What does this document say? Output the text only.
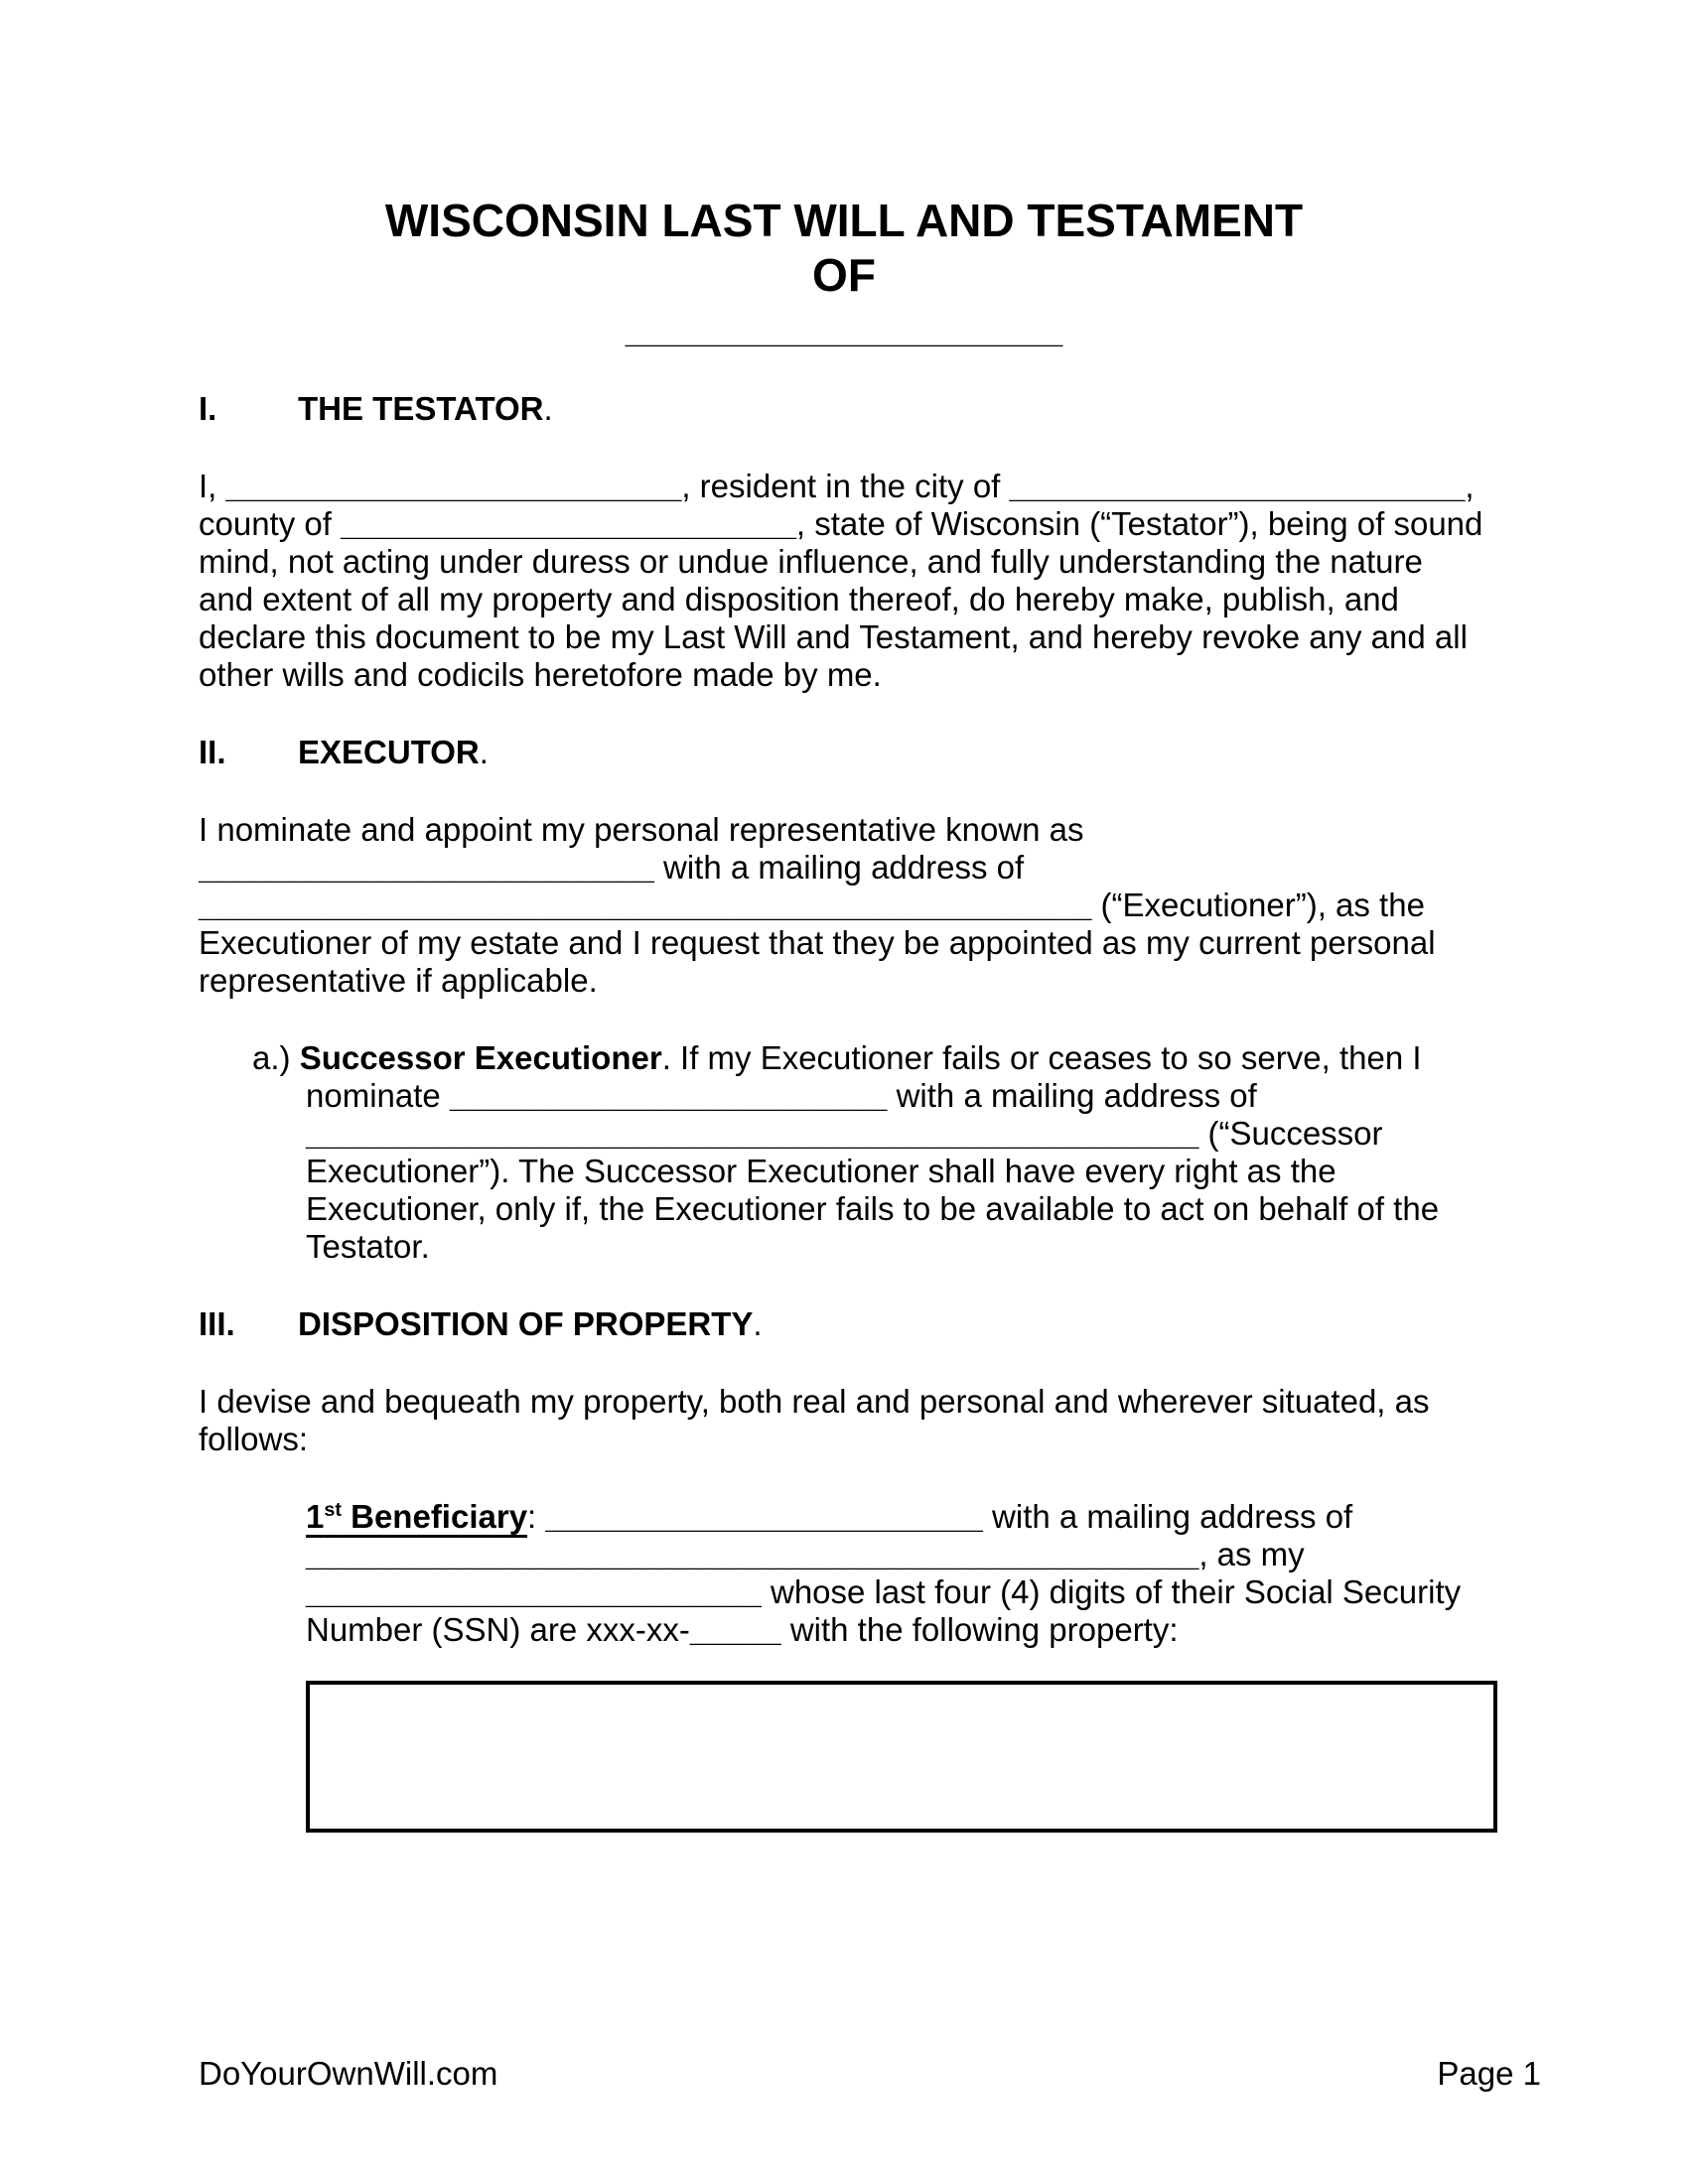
WISCONSIN LAST WILL AND TESTAMENT
OF
________________________
I. THE TESTATOR.
I, _________________________, resident in the city of _________________________,
county of _________________________, state of Wisconsin (“Testator”), being of sound
mind, not acting under duress or undue influence, and fully understanding the nature
and extent of all my property and disposition thereof, do hereby make, publish, and
declare this document to be my Last Will and Testament, and hereby revoke any and all
other wills and codicils heretofore made by me.
II. EXECUTOR.
I nominate and appoint my personal representative known as
_________________________ with a mailing address of
_________________________________________________ (“Executioner”), as the
Executioner of my estate and I request that they be appointed as my current personal
representative if applicable.
a.) Successor Executioner. If my Executioner fails or ceases to so serve, then I
nominate ________________________ with a mailing address of
_________________________________________________ (“Successor
Executioner”). The Successor Executioner shall have every right as the
Executioner, only if, the Executioner fails to be available to act on behalf of the
Testator.
III. DISPOSITION OF PROPERTY.
I devise and bequeath my property, both real and personal and wherever situated, as
follows:
1st Beneficiary: ________________________ with a mailing address of
_________________________________________________, as my
_________________________ whose last four (4) digits of their Social Security
Number (SSN) are xxx-xx-_____ with the following property:
DoYourOwnWill.com	Page 1
